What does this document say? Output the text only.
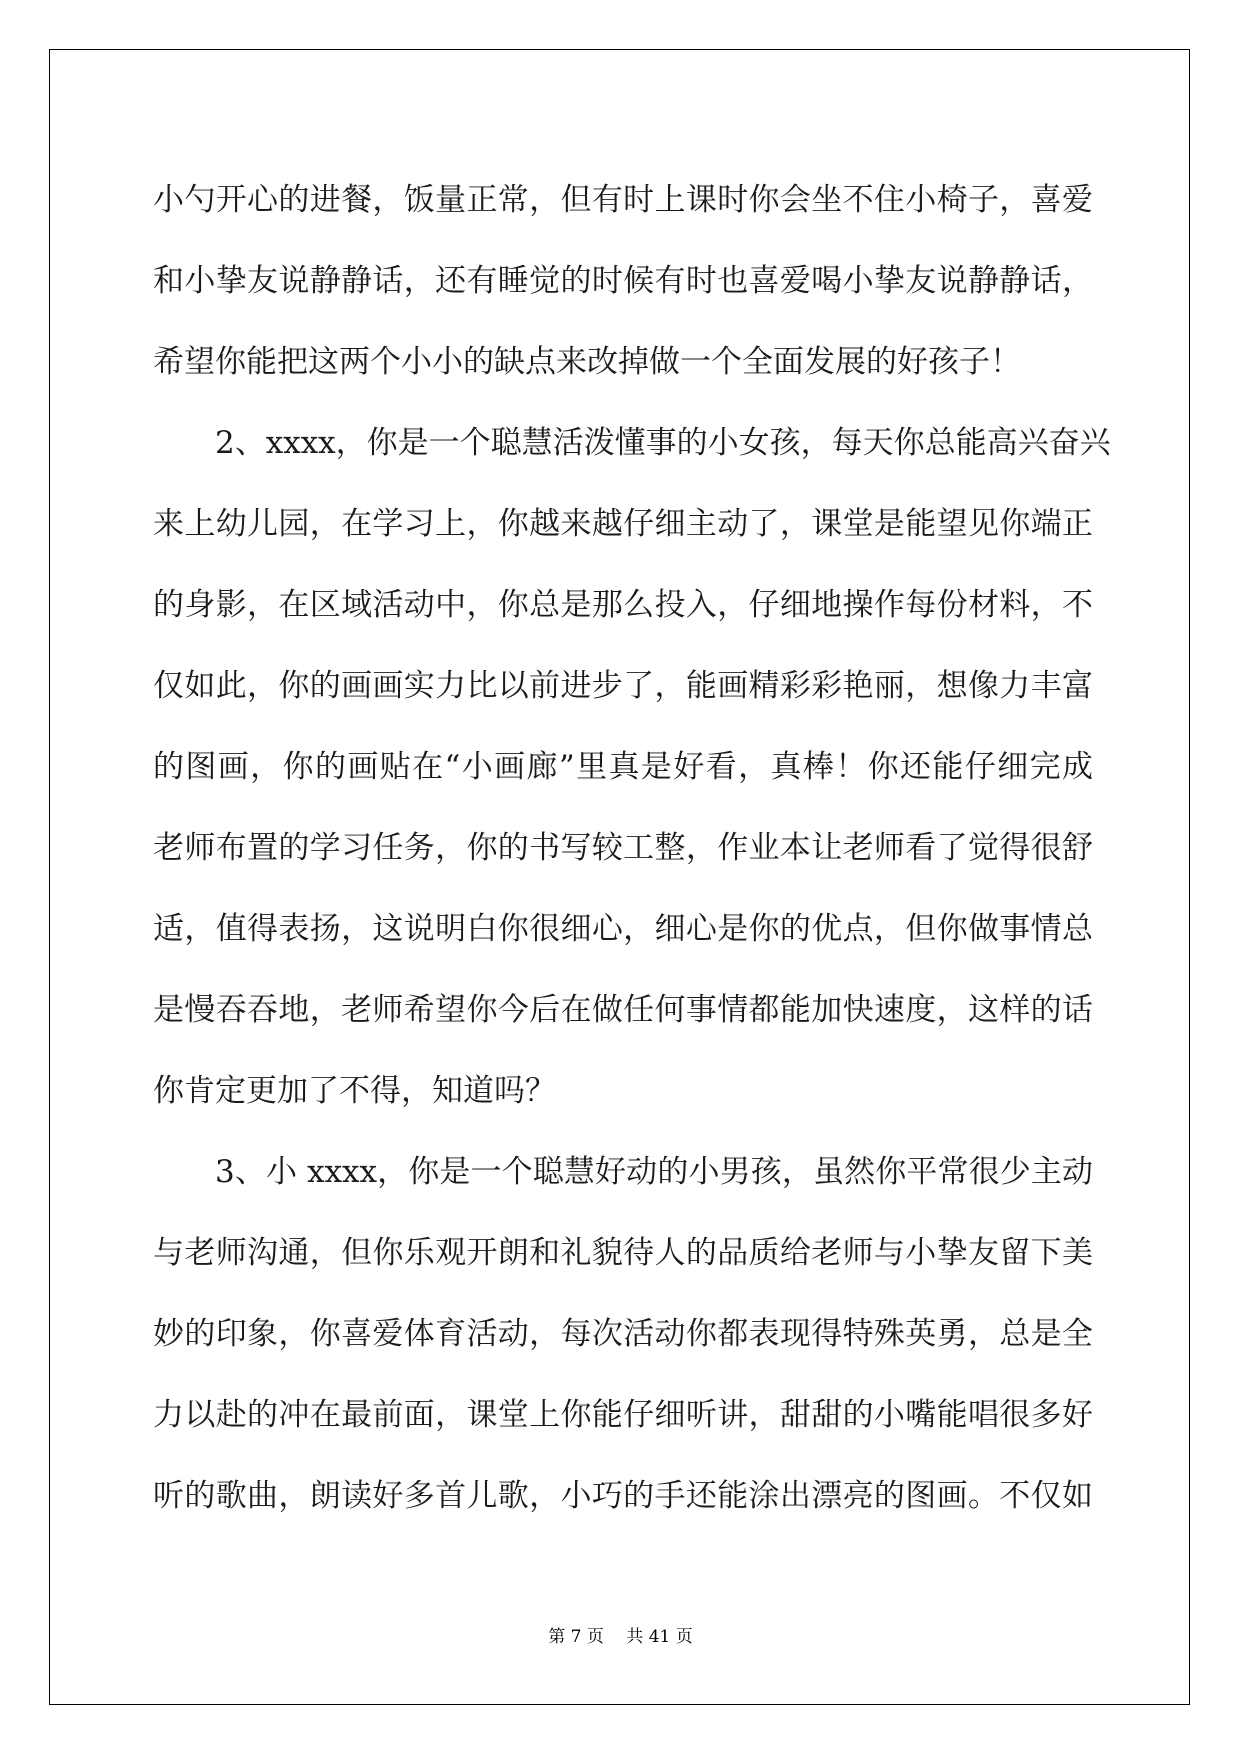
小勺开心的进餐，饭量正常，但有时上课时你会坐不住小椅子，喜爱
和小挚友说静静话，还有睡觉的时候有时也喜爱喝小挚友说静静话，
希望你能把这两个小小的缺点来改掉做一个全面发展的好孩子！
2、xxxx，你是一个聪慧活泼懂事的小女孩，每天你总能高兴奋兴
来上幼儿园，在学习上，你越来越仔细主动了，课堂是能望见你端正
的身影，在区域活动中，你总是那么投入，仔细地操作每份材料，不
仅如此，你的画画实力比以前进步了，能画精彩彩艳丽，想像力丰富
的图画，你的画贴在“小画廊”里真是好看，真棒！你还能仔细完成
老师布置的学习任务，你的书写较工整，作业本让老师看了觉得很舒
适，值得表扬，这说明白你很细心，细心是你的优点，但你做事情总
是慢吞吞地，老师希望你今后在做任何事情都能加快速度，这样的话
你肯定更加了不得，知道吗？
3、小 xxxx，你是一个聪慧好动的小男孩，虽然你平常很少主动
与老师沟通，但你乐观开朗和礼貌待人的品质给老师与小挚友留下美
妙的印象，你喜爱体育活动，每次活动你都表现得特殊英勇，总是全
力以赴的冲在最前面，课堂上你能仔细听讲，甜甜的小嘴能唱很多好
听的歌曲，朗读好多首儿歌，小巧的手还能涂出漂亮的图画。不仅如
第 7 页　 共 41 页
